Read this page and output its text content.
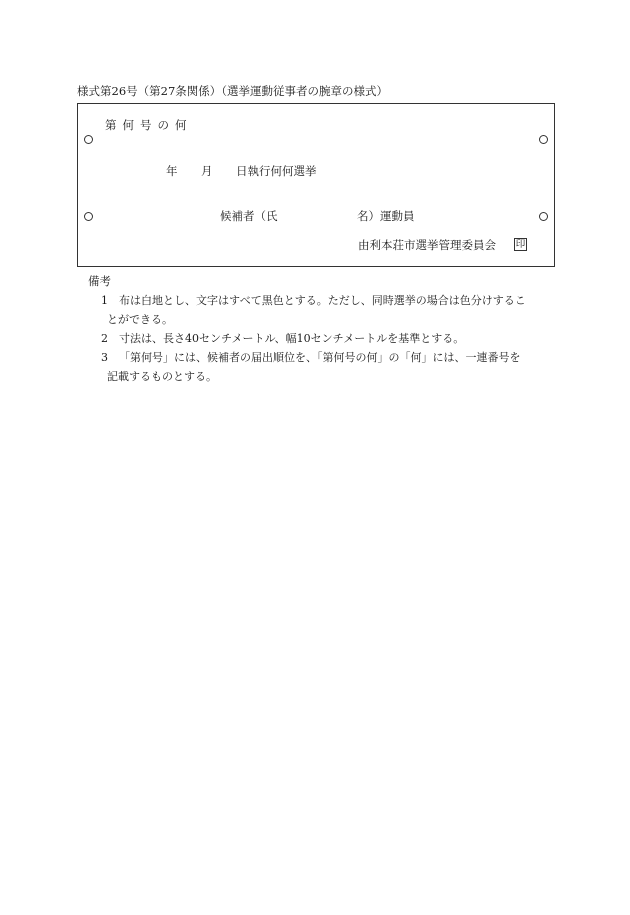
様式第26号（第27条関係）（選挙運動従事者の腕章の様式）
第何号の何
年 月 日執行何何選挙
候補者（氏	名）運動員
由利本荘市選挙管理委員会 印
備考
1 布は白地とし、文字はすべて黒色とする。ただし、同時選挙の場合は色分けするこ
とができる。
2 寸法は、長さ40センチメートル、幅10センチメートルを基準とする。
3 「第何号」には、候補者の届出順位を、「第何号の何」の「何」には、一連番号を
記載するものとする。
